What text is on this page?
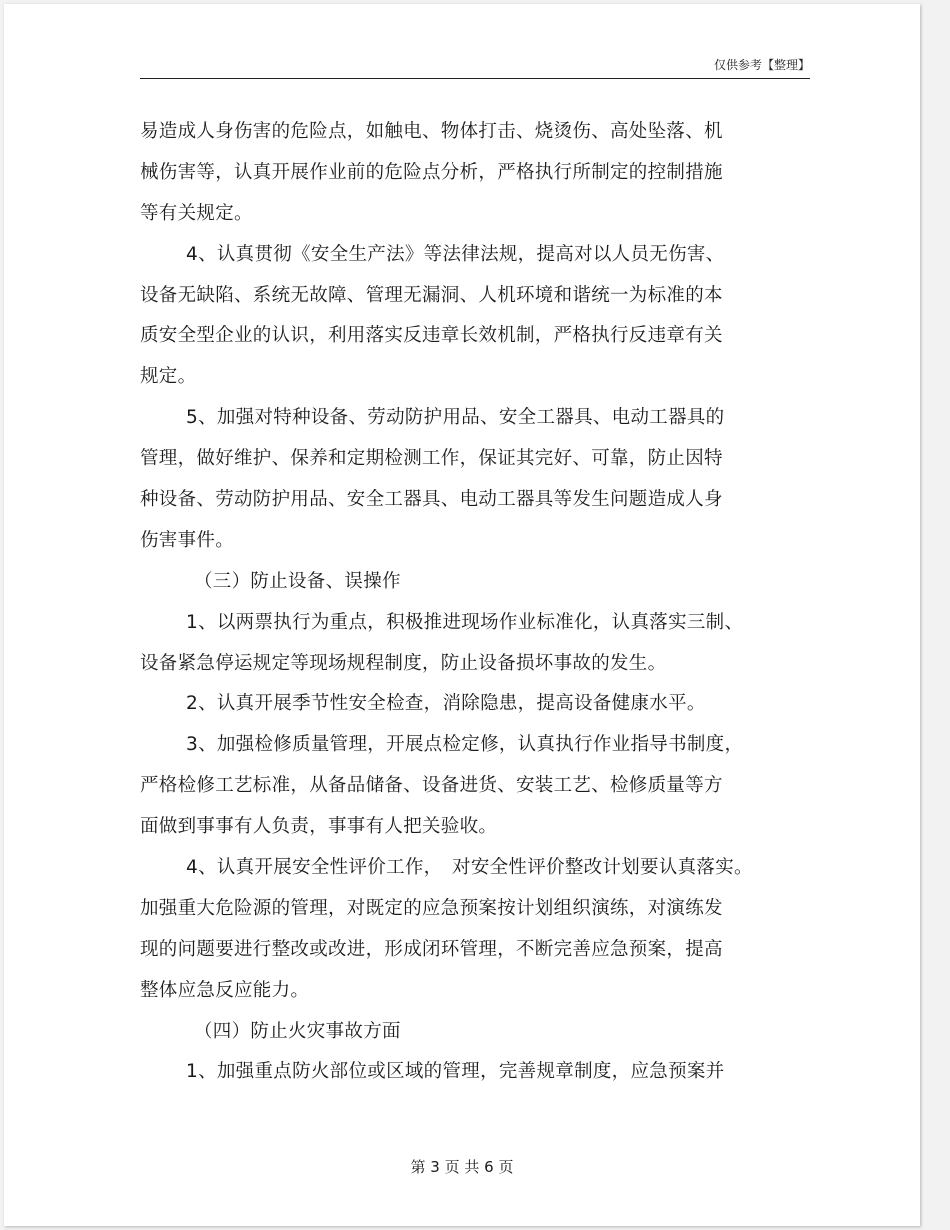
仅供参考【整理】
易造成人身伤害的危险点，如触电、物体打击、烧烫伤、高处坠落、机
械伤害等，认真开展作业前的危险点分析，严格执行所制定的控制措施
等有关规定。
4、认真贯彻《安全生产法》等法律法规，提高对以人员无伤害、
设备无缺陷、系统无故障、管理无漏洞、人机环境和谐统一为标准的本
质安全型企业的认识，利用落实反违章长效机制，严格执行反违章有关
规定。
5、加强对特种设备、劳动防护用品、安全工器具、电动工器具的
管理，做好维护、保养和定期检测工作，保证其完好、可靠，防止因特
种设备、劳动防护用品、安全工器具、电动工器具等发生问题造成人身
伤害事件。
（三）防止设备、误操作
1、以两票执行为重点，积极推进现场作业标准化，认真落实三制、
设备紧急停运规定等现场规程制度，防止设备损坏事故的发生。
2、认真开展季节性安全检查，消除隐患，提高设备健康水平。
3、加强检修质量管理，开展点检定修，认真执行作业指导书制度，
严格检修工艺标准，从备品储备、设备进货、安装工艺、检修质量等方
面做到事事有人负责，事事有人把关验收。
4、认真开展安全性评价工作，　对安全性评价整改计划要认真落实。
加强重大危险源的管理，对既定的应急预案按计划组织演练，对演练发
现的问题要进行整改或改进，形成闭环管理，不断完善应急预案，提高
整体应急反应能力。
（四）防止火灾事故方面
1、加强重点防火部位或区域的管理，完善规章制度，应急预案并
第 3 页 共 6 页
